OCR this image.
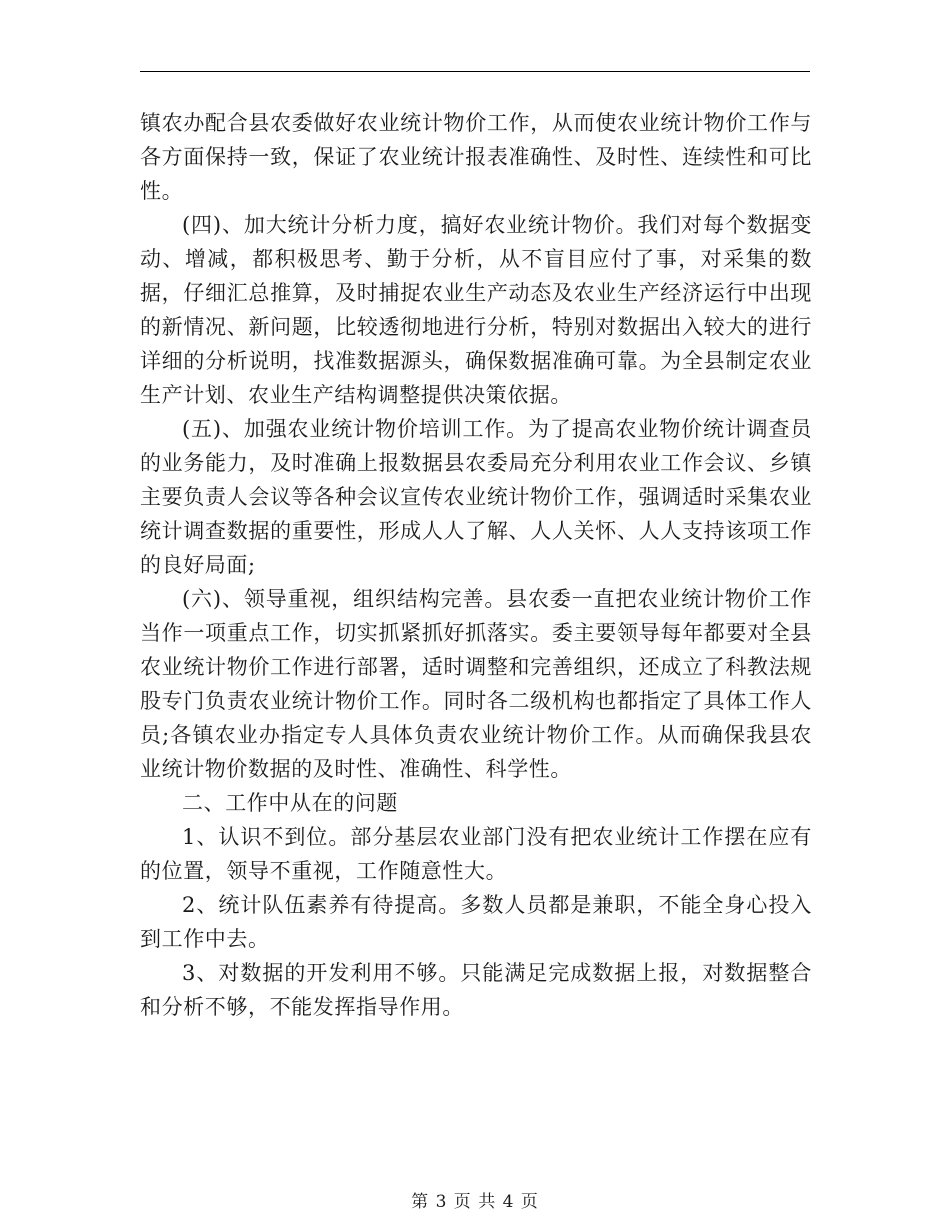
镇农办配合县农委做好农业统计物价工作，从而使农业统计物价工作与各方面保持一致，保证了农业统计报表准确性、及时性、连续性和可比性。

(四)、加大统计分析力度，搞好农业统计物价。我们对每个数据变动、增减，都积极思考、勤于分析，从不盲目应付了事，对采集的数据，仔细汇总推算，及时捕捉农业生产动态及农业生产经济运行中出现的新情况、新问题，比较透彻地进行分析，特别对数据出入较大的进行详细的分析说明，找准数据源头，确保数据准确可靠。为全县制定农业生产计划、农业生产结构调整提供决策依据。

(五)、加强农业统计物价培训工作。为了提高农业物价统计调查员的业务能力，及时准确上报数据县农委局充分利用农业工作会议、乡镇主要负责人会议等各种会议宣传农业统计物价工作，强调适时采集农业统计调查数据的重要性，形成人人了解、人人关怀、人人支持该项工作的良好局面;

(六)、领导重视，组织结构完善。县农委一直把农业统计物价工作当作一项重点工作，切实抓紧抓好抓落实。委主要领导每年都要对全县农业统计物价工作进行部署，适时调整和完善组织，还成立了科教法规股专门负责农业统计物价工作。同时各二级机构也都指定了具体工作人员;各镇农业办指定专人具体负责农业统计物价工作。从而确保我县农业统计物价数据的及时性、准确性、科学性。

二、工作中从在的问题

1、认识不到位。部分基层农业部门没有把农业统计工作摆在应有的位置，领导不重视，工作随意性大。

2、统计队伍素养有待提高。多数人员都是兼职，不能全身心投入到工作中去。

3、对数据的开发利用不够。只能满足完成数据上报，对数据整合和分析不够，不能发挥指导作用。

第 3 页 共 4 页
